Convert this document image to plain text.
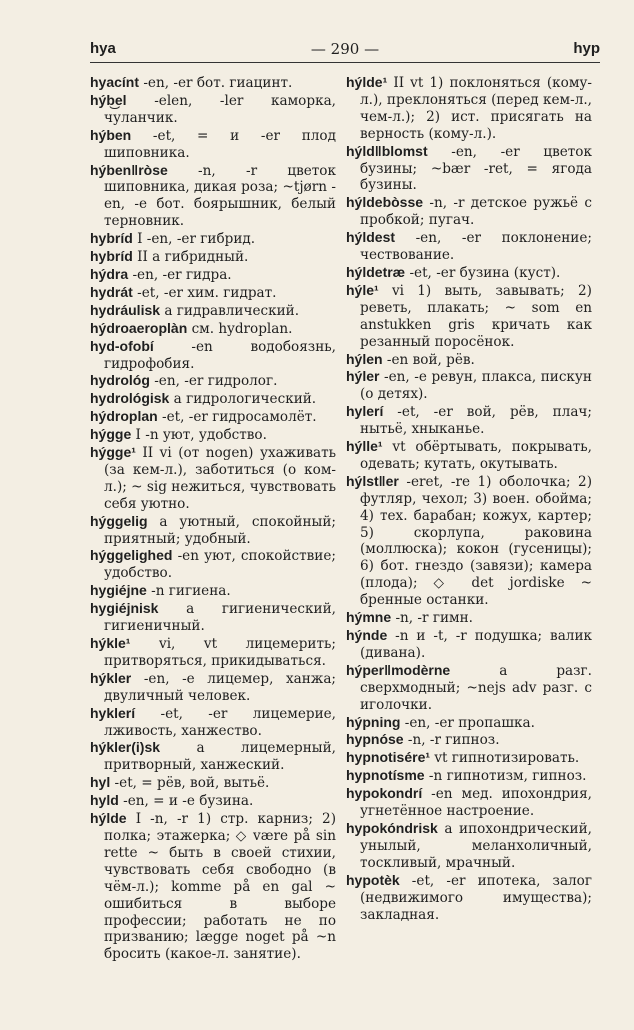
hya	— 290 —	hyp

hyacínt -en, -er бот. гиацинт.

hýb͜el -elen, -ler каморка, чуланчик.

hýben -et, = и -er плод шиповника.

hýben‖ròse -n, -r цветок шиповника, дикая роза; ~tjørn -en, -e бот. боярышник, белый терновник.

hybríd I -en, -er гибрид.

hybríd II a гибридный.

hýdra -en, -er гидра.

hydrát -et, -er хим. гидрат.

hydráulisk a гидравлический.

hýdroaeroplàn см. hydroplan.

hyd-ofobí -en водобоязнь, гидрофобия.

hydrológ -en, -er гидролог.

hydrológisk a гидрологический.

hýdroplan -et, -er гидросамолёт.

hýgge I -n уют, удобство.

hýgge¹ II vi (от nogen) ухаживать (за кем-л.), заботиться (о ком-л.); ~ sig нежиться, чувствовать себя уютно.

hýggelig a уютный, спокойный; приятный; удобный.

hýggelighed -en уют, спокойствие; удобство.

hygiéjne -n гигиена.

hygiéjnisk a гигиенический, гигиеничный.

hýkle¹ vi, vt лицемерить; притворяться, прикидываться.

hýkler -en, -e лицемер, ханжа; двуличный человек.

hyklerí -et, -er лицемерие, лживость, ханжество.

hýkler(i)sk a лицемерный, притворный, ханжеский.

hyl -et, = рёв, вой, вытьё.

hyld -en, = и -e бузина.

hýlde I -n, -r 1) стр. карниз; 2) полка; этажерка; ◇ være på sin rette ~ быть в своей стихии, чувствовать себя свободно (в чём-л.); komme på en gal ~ ошибиться в выборе профессии; работать не по призванию; lægge noget på ~n бросить (какое-л. занятие).

hýlde¹ II vt 1) поклоняться (кому-л.), преклоняться (перед кем-л., чем-л.); 2) ист. присягать на верность (кому-л.).

hýld‖blomst -en, -er цветок бузины; ~bær -ret, = ягода бузины.

hýldebòsse -n, -r детское ружьё с пробкой; пугач.

hýldest -en, -er поклонение; чествование.

hýldetræ -et, -er бузина (куст).

hýle¹ vi 1) выть, завывать; 2) реветь, плакать; ~ som en anstukken gris кричать как резанный поросёнок.

hýlen -en вой, рёв.

hýler -en, -e ревун, плакса, пискун (о детях).

hylerí -et, -er вой, рёв, плач; нытьё, хныканье.

hýlle¹ vt обёртывать, покрывать, одевать; кутать, окутывать.

hýlst‖er -eret, -re 1) оболочка; 2) футляр, чехол; 3) воен. обойма; 4) тех. барабан; кожух, картер; 5) скорлупа, раковина (моллюска); кокон (гусеницы); 6) бот. гнездо (завязи); камера (плода); ◇ det jordiske ~ бренные останки.

hýmne -n, -r гимн.

hýnde -n и -t, -r подушка; валик (дивана).

hýper‖modèrne a разг. сверхмодный; ~nejs adv разг. с иголочки.

hýpning -en, -er пропашка.

hypnóse -n, -r гипноз.

hypnotisére¹ vt гипнотизировать.

hypnotísme -n гипнотизм, гипноз.

hypokondrí -en мед. ипохондрия, угнетённое настроение.

hypokóndrisk a ипохондрический, унылый, меланхоличный, тоскливый, мрачный.

hypotèk -et, -er ипотека, залог (недвижимого имущества); закладная.
